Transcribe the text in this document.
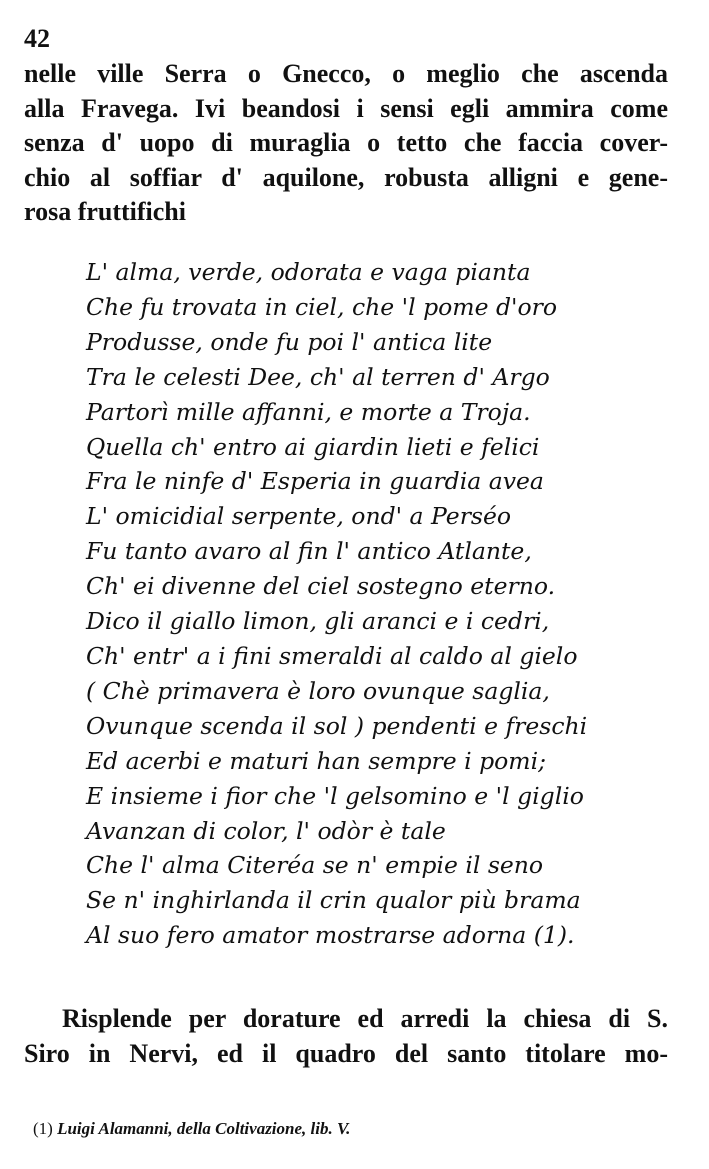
42
nelle ville Serra o Gnecco, o meglio che ascenda
alla Fravega. Ivi beandosi i sensi egli ammira come
senza d' uopo di muraglia o tetto che faccia cover-
chio al soffiar d' aquilone, robusta alligni e gene-
rosa fruttifichi
L' alma, verde, odorata e vaga pianta
Che fu trovata in ciel, che 'l pome d'oro
Produsse, onde fu poi l' antica lite
Tra le celesti Dee, ch' al terren d' Argo
Partorì mille affanni, e morte a Troja.
Quella ch' entro ai giardin lieti e felici
Fra le ninfe d' Esperia in guardia avea
L' omicidial serpente, ond' a Perséo
Fu tanto avaro al fin l' antico Atlante,
Ch' ei divenne del ciel sostegno eterno.
Dico il giallo limon, gli aranci e i cedri,
Ch' entr' a i fini smeraldi al caldo al gielo
( Chè primavera è loro ovunque saglia,
Ovunque scenda il sol ) pendenti e freschi
Ed acerbi e maturi han sempre i pomi;
E insieme i fior che 'l gelsomino e 'l giglio
Avanzan di color, l' odòr è tale
Che l' alma Citeréa se n' empie il seno
Se n' inghirlanda il crin qualor più brama
Al suo fero amator mostrarse adorna (1).
Risplende per dorature ed arredi la chiesa di S.
Siro in Nervi, ed il quadro del santo titolare mo-
(1) Luigi Alamanni, della Coltivazione, lib. V.
